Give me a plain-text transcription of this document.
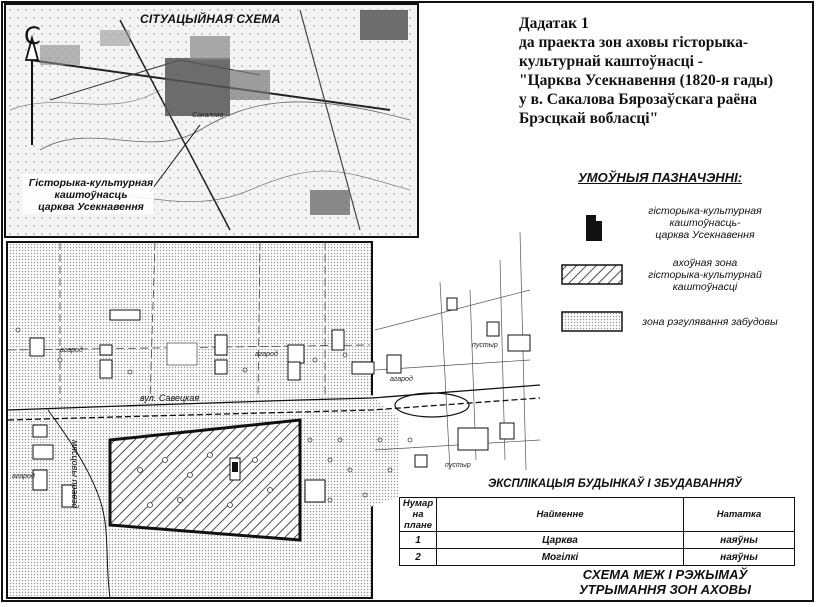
СІТУАЦЫЙНАЯ СХЕМА
С
Гісторыка-культурная
каштоўнасць
царква Усекнавення
Сакалова
Дадатак 1
да праекта зон аховы гісторыка-
культурнай каштоўнасці -
"Царква Усекнавення (1820-я гады)
у в. Сакалова Бярозаўскага раёна
Брэсцкай вобласці"
УМОЎНЫЯ ПАЗНАЧЭННІ:
гісторыка-культурная
каштоўнасць-
царква Усекнавення
ахоўная зона
гісторыка-культурнай
каштоўнасці
зона рэгулявання забудовы
вул. Савецкая
мясцовы праезд
агарод
агарод
агарод
агарод
пустыр
пустыр
ЭКСПЛІКАЦЫЯ БУДЫНКАЎ І ЗБУДАВАННЯЎ
Нумар на плане	Найменне	Нататка
1	Царква	наяўны
2	Могілкі	наяўны
СХЕМА МЕЖ І РЭЖЫМАЎ
УТРЫМАННЯ ЗОН АХОВЫ
